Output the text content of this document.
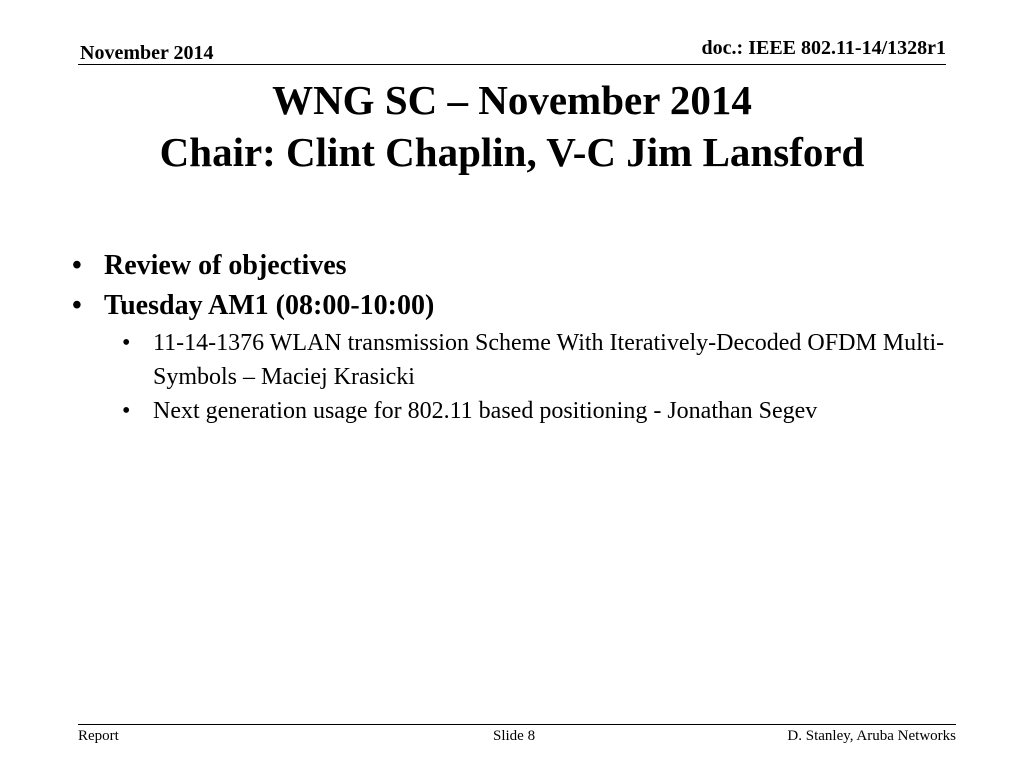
November 2014	doc.: IEEE 802.11-14/1328r1
WNG SC – November 2014
Chair: Clint Chaplin, V-C Jim Lansford
• Review of objectives
• Tuesday AM1 (08:00-10:00)
• 11-14-1376 WLAN transmission Scheme With Iteratively-Decoded OFDM Multi- Symbols – Maciej Krasicki
• Next generation usage for 802.11 based positioning - Jonathan Segev
Report	Slide 8	D. Stanley, Aruba Networks
